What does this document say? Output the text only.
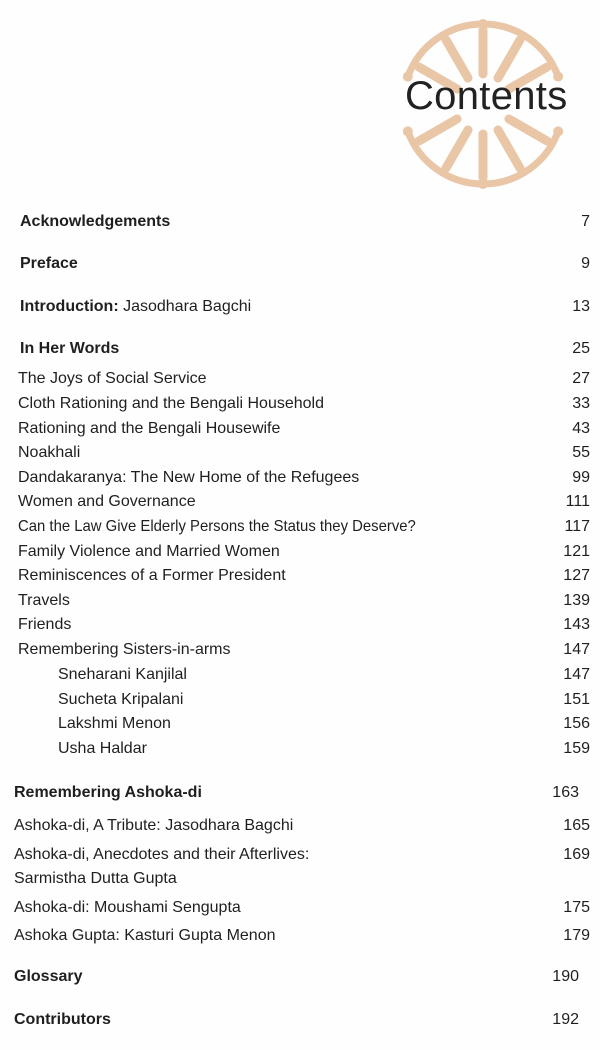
Contents
Acknowledgements	7
Preface	9
Introduction: Jasodhara Bagchi	13
In Her Words	25
The Joys of Social Service	27
Cloth Rationing and the Bengali Household	33
Rationing and the Bengali Housewife	43
Noakhali	55
Dandakaranya: The New Home of the Refugees	99
Women and Governance	111
Can the Law Give Elderly Persons the Status they Deserve?	117
Family Violence and Married Women	121
Reminiscences of a Former President	127
Travels	139
Friends	143
Remembering Sisters-in-arms	147
Sneharani Kanjilal	147
Sucheta Kripalani	151
Lakshmi Menon	156
Usha Haldar	159
Remembering Ashoka-di	163
Ashoka-di, A Tribute: Jasodhara Bagchi	165
Ashoka-di, Anecdotes and their Afterlives:	169
Sarmistha Dutta Gupta
Ashoka-di: Moushami Sengupta	175
Ashoka Gupta: Kasturi Gupta Menon	179
Glossary	190
Contributors	192
